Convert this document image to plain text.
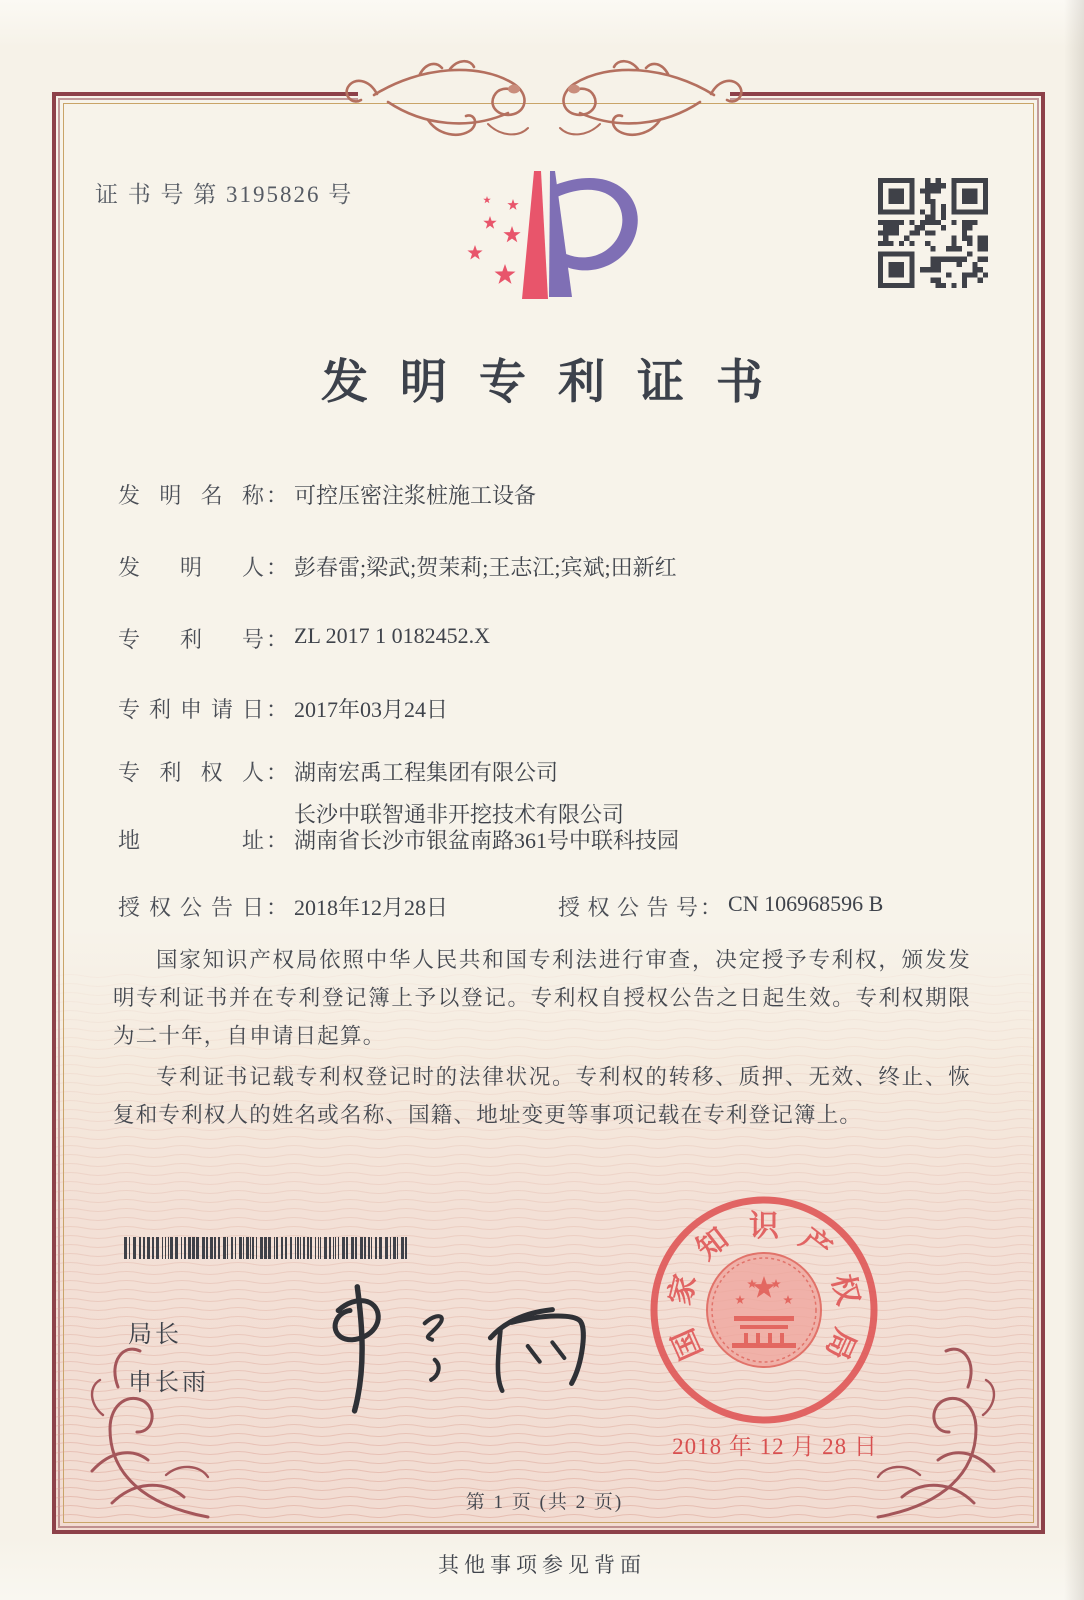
证 书 号 第 3195826 号
发明专利证书
发明名称： 可控压密注浆桩施工设备
发明人： 彭春雷;梁武;贺茉莉;王志江;宾斌;田新红
专利号： ZL 2017 1 0182452.X
专利申请日： 2017年03月24日
专利权人： 湖南宏禹工程集团有限公司
长沙中联智通非开挖技术有限公司
地址： 湖南省长沙市银盆南路361号中联科技园
授权公告日： 2018年12月28日	授权公告号： CN 106968596 B
国家知识产权局依照中华人民共和国专利法进行审查，决定授予专利权，颁发发明专利证书并在专利登记簿上予以登记。专利权自授权公告之日起生效。专利权期限为二十年，自申请日起算。
专利证书记载专利权登记时的法律状况。专利权的转移、质押、无效、终止、恢复和专利权人的姓名或名称、国籍、地址变更等事项记载在专利登记簿上。
局长
申长雨
国
家
知 识 产
权
局
2018 年 12 月 28 日
第 1 页 (共 2 页)
其他事项参见背面
